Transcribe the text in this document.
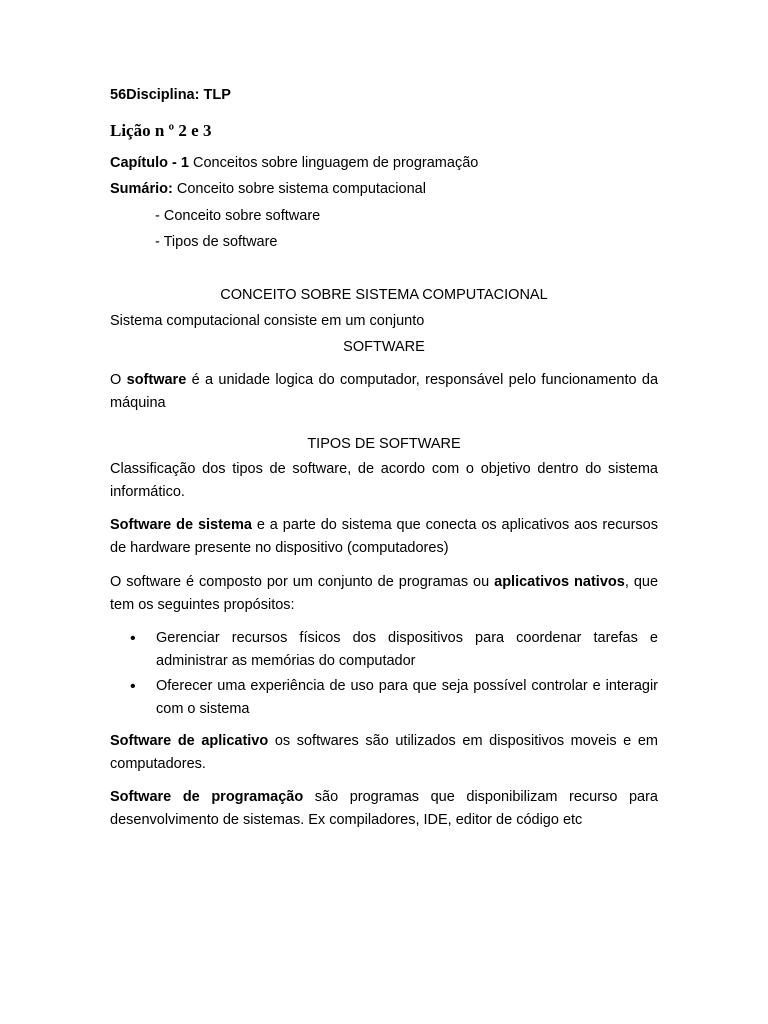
56Disciplina: TLP
Lição n º 2 e 3
Capítulo - 1 Conceitos sobre linguagem de programação
Sumário: Conceito sobre sistema computacional
- Conceito sobre software
- Tipos de software
CONCEITO SOBRE SISTEMA COMPUTACIONAL
Sistema computacional consiste em um conjunto
SOFTWARE
O software é a unidade logica do computador, responsável pelo funcionamento da máquina
TIPOS DE SOFTWARE
Classificação dos tipos de software, de acordo com o objetivo dentro do sistema informático.
Software de sistema e a parte do sistema que conecta os aplicativos aos recursos de hardware presente no dispositivo (computadores)
O software é composto por um conjunto de programas ou aplicativos nativos, que tem os seguintes propósitos:
• Gerenciar recursos físicos dos dispositivos para coordenar tarefas e administrar as memórias do computador
• Oferecer uma experiência de uso para que seja possível controlar e interagir com o sistema
Software de aplicativo os softwares são utilizados em dispositivos moveis e em computadores.
Software de programação são programas que disponibilizam recurso para desenvolvimento de sistemas. Ex compiladores, IDE, editor de código etc
